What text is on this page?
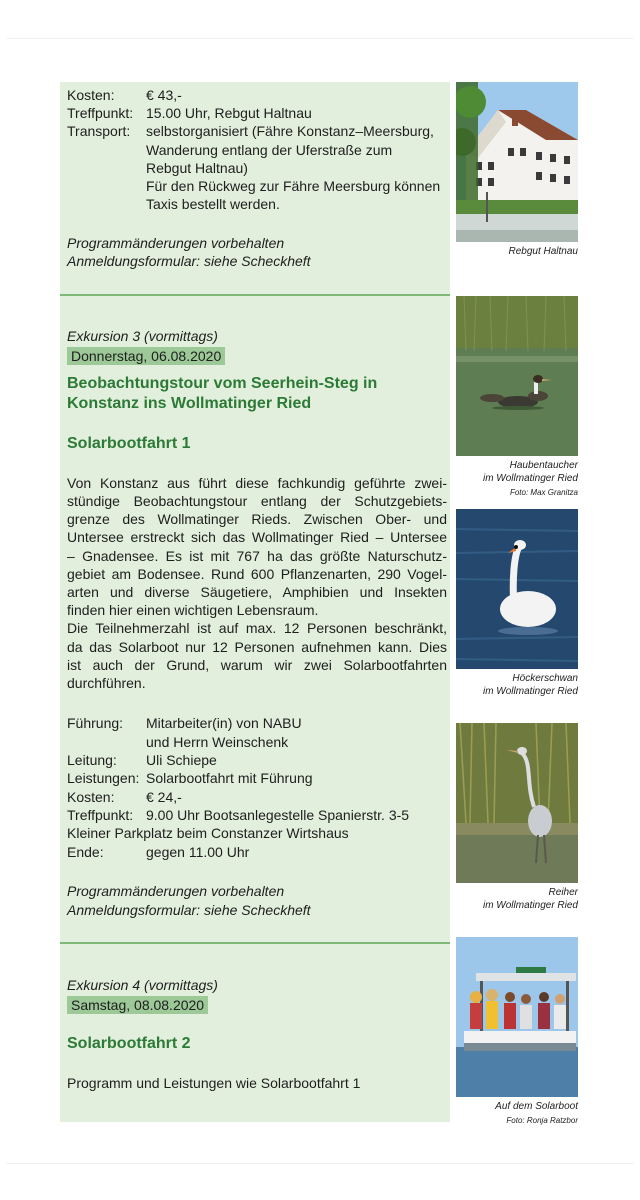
Kosten: € 43,-
Treffpunkt: 15.00 Uhr, Rebgut Haltnau
Transport: selbstorganisiert (Fähre Konstanz–Meersburg,
Wanderung entlang der Uferstraße zum
Rebgut Haltnau)
Für den Rückweg zur Fähre Meersburg können
Taxis bestellt werden.
Programmänderungen vorbehalten
Anmeldungsformular: siehe Scheckheft
Exkursion 3 (vormittags)
Donnerstag, 06.08.2020
Beobachtungstour vom Seerhein-Steg in
Konstanz ins Wollmatinger Ried
Solarbootfahrt 1
Von Konstanz aus führt diese fachkundig geführte zwei-
stündige Beobachtungstour entlang der Schutzgebiets-
grenze des Wollmatinger Rieds. Zwischen Ober- und
Untersee erstreckt sich das Wollmatinger Ried – Untersee
– Gnadensee. Es ist mit 767 ha das größte Naturschutz-
gebiet am Bodensee. Rund 600 Pflanzenarten, 290 Vogel-
arten und diverse Säugetiere, Amphibien und Insekten
finden hier einen wichtigen Lebensraum.
Die Teilnehmerzahl ist auf max. 12 Personen beschränkt,
da das Solarboot nur 12 Personen aufnehmen kann. Dies
ist auch der Grund, warum wir zwei Solarbootfahrten
durchführen.
Führung: Mitarbeiter(in) von NABU
und Herrn Weinschenk
Leitung: Uli Schiepe
Leistungen: Solarbootfahrt mit Führung
Kosten: € 24,-
Treffpunkt: 9.00 Uhr Bootsanlegestelle Spanierstr. 3-5
Kleiner Parkplatz beim Constanzer Wirtshaus
Ende:	gegen 11.00 Uhr
Programmänderungen vorbehalten
Anmeldungsformular: siehe Scheckheft
Exkursion 4 (vormittags)
Samstag, 08.08.2020
Solarbootfahrt 2
Programm und Leistungen wie Solarbootfahrt 1
Rebgut Haltnau
Haubentaucher
im Wollmatinger Ried
Foto: Max Granitza
Höckerschwan
im Wollmatinger Ried
Reiher
im Wollmatinger Ried
Auf dem Solarboot
Foto: Ronja Ratzbor
